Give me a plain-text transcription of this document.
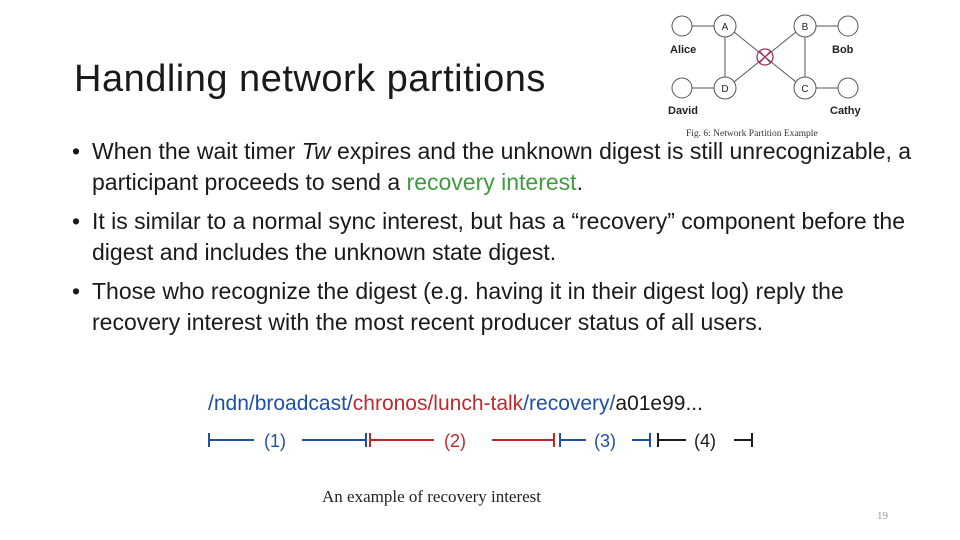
Handling network partitions
A	B
C
D
Alice	Bob
Cathy
David
Fig. 6: Network Partition Example
• When the wait timer Tw expires and the unknown digest is still unrecognizable, a participant proceeds to send a recovery interest.
• It is similar to a normal sync interest, but has a “recovery” component before the digest and includes the unknown state digest.
• Those who recognize the digest (e.g. having it in their digest log) reply the recovery interest with the most recent producer status of all users.
/ndn/broadcast/chronos/lunch-talk/recovery/a01e99...
(1)	(2)	(3)	(4)
An example of recovery interest
19
